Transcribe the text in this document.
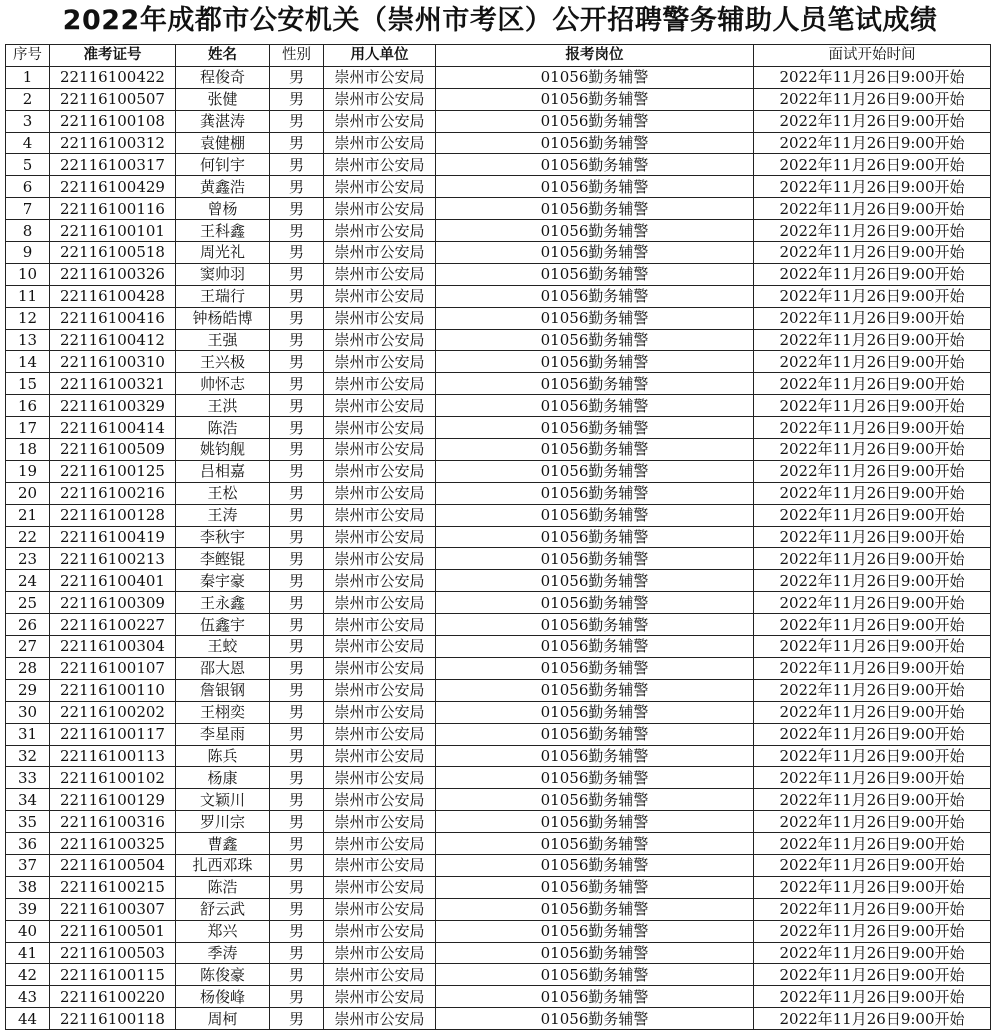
2022年成都市公安机关（崇州市考区）公开招聘警务辅助人员笔试成绩
序号	准考证号	姓名	性别	用人单位	报考岗位	面试开始时间
1	22116100422	程俊奇	男	崇州市公安局	01056勤务辅警	2022年11月26日9:00开始
2	22116100507	张健	男	崇州市公安局	01056勤务辅警	2022年11月26日9:00开始
3	22116100108	龚湛涛	男	崇州市公安局	01056勤务辅警	2022年11月26日9:00开始
4	22116100312	袁健棚	男	崇州市公安局	01056勤务辅警	2022年11月26日9:00开始
5	22116100317	何钊宇	男	崇州市公安局	01056勤务辅警	2022年11月26日9:00开始
6	22116100429	黄鑫浩	男	崇州市公安局	01056勤务辅警	2022年11月26日9:00开始
7	22116100116	曾杨	男	崇州市公安局	01056勤务辅警	2022年11月26日9:00开始
8	22116100101	王科鑫	男	崇州市公安局	01056勤务辅警	2022年11月26日9:00开始
9	22116100518	周光礼	男	崇州市公安局	01056勤务辅警	2022年11月26日9:00开始
10	22116100326	窦帅羽	男	崇州市公安局	01056勤务辅警	2022年11月26日9:00开始
11	22116100428	王瑞行	男	崇州市公安局	01056勤务辅警	2022年11月26日9:00开始
12	22116100416	钟杨皓博	男	崇州市公安局	01056勤务辅警	2022年11月26日9:00开始
13	22116100412	王强	男	崇州市公安局	01056勤务辅警	2022年11月26日9:00开始
14	22116100310	王兴极	男	崇州市公安局	01056勤务辅警	2022年11月26日9:00开始
15	22116100321	帅怀志	男	崇州市公安局	01056勤务辅警	2022年11月26日9:00开始
16	22116100329	王洪	男	崇州市公安局	01056勤务辅警	2022年11月26日9:00开始
17	22116100414	陈浩	男	崇州市公安局	01056勤务辅警	2022年11月26日9:00开始
18	22116100509	姚钧舰	男	崇州市公安局	01056勤务辅警	2022年11月26日9:00开始
19	22116100125	吕相嘉	男	崇州市公安局	01056勤务辅警	2022年11月26日9:00开始
20	22116100216	王松	男	崇州市公安局	01056勤务辅警	2022年11月26日9:00开始
21	22116100128	王涛	男	崇州市公安局	01056勤务辅警	2022年11月26日9:00开始
22	22116100419	李秋宇	男	崇州市公安局	01056勤务辅警	2022年11月26日9:00开始
23	22116100213	李鲣锟	男	崇州市公安局	01056勤务辅警	2022年11月26日9:00开始
24	22116100401	秦宇豪	男	崇州市公安局	01056勤务辅警	2022年11月26日9:00开始
25	22116100309	王永鑫	男	崇州市公安局	01056勤务辅警	2022年11月26日9:00开始
26	22116100227	伍鑫宇	男	崇州市公安局	01056勤务辅警	2022年11月26日9:00开始
27	22116100304	王蛟	男	崇州市公安局	01056勤务辅警	2022年11月26日9:00开始
28	22116100107	邵大恩	男	崇州市公安局	01056勤务辅警	2022年11月26日9:00开始
29	22116100110	詹银钢	男	崇州市公安局	01056勤务辅警	2022年11月26日9:00开始
30	22116100202	王栩奕	男	崇州市公安局	01056勤务辅警	2022年11月26日9:00开始
31	22116100117	李星雨	男	崇州市公安局	01056勤务辅警	2022年11月26日9:00开始
32	22116100113	陈兵	男	崇州市公安局	01056勤务辅警	2022年11月26日9:00开始
33	22116100102	杨康	男	崇州市公安局	01056勤务辅警	2022年11月26日9:00开始
34	22116100129	文颖川	男	崇州市公安局	01056勤务辅警	2022年11月26日9:00开始
35	22116100316	罗川宗	男	崇州市公安局	01056勤务辅警	2022年11月26日9:00开始
36	22116100325	曹鑫	男	崇州市公安局	01056勤务辅警	2022年11月26日9:00开始
37	22116100504	扎西邓珠	男	崇州市公安局	01056勤务辅警	2022年11月26日9:00开始
38	22116100215	陈浩	男	崇州市公安局	01056勤务辅警	2022年11月26日9:00开始
39	22116100307	舒云武	男	崇州市公安局	01056勤务辅警	2022年11月26日9:00开始
40	22116100501	郑兴	男	崇州市公安局	01056勤务辅警	2022年11月26日9:00开始
41	22116100503	季涛	男	崇州市公安局	01056勤务辅警	2022年11月26日9:00开始
42	22116100115	陈俊豪	男	崇州市公安局	01056勤务辅警	2022年11月26日9:00开始
43	22116100220	杨俊峰	男	崇州市公安局	01056勤务辅警	2022年11月26日9:00开始
44	22116100118	周柯	男	崇州市公安局	01056勤务辅警	2022年11月26日9:00开始
